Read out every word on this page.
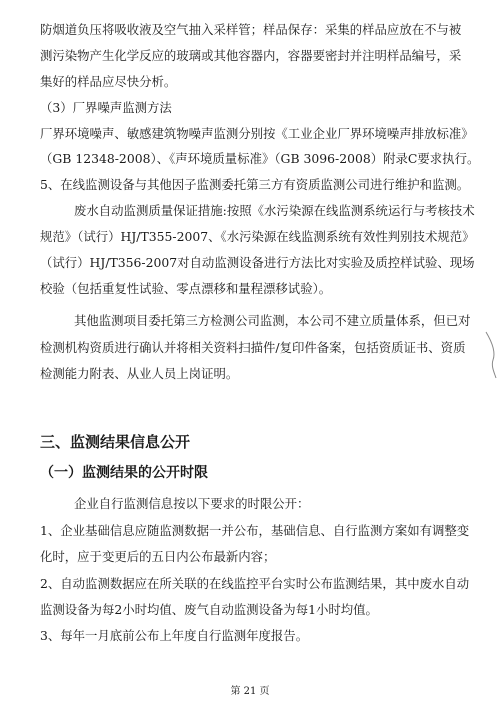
防烟道负压将吸收液及空气抽入采样管；样品保存：采集的样品应放在不与被
测污染物产生化学反应的玻璃或其他容器内，容器要密封并注明样品编号，采
集好的样品应尽快分析。
（3）厂界噪声监测方法
厂界环境噪声、敏感建筑物噪声监测分别按《工业企业厂界环境噪声排放标准》
（GB 12348-2008）、《声环境质量标准》（GB 3096-2008）附录C要求执行。
5、在线监测设备与其他因子监测委托第三方有资质监测公司进行维护和监测。
废水自动监测质量保证措施:按照《水污染源在线监测系统运行与考核技术
规范》（试行）HJ/T355-2007、《水污染源在线监测系统有效性判别技术规范》
（试行）HJ/T356-2007对自动监测设备进行方法比对实验及质控样试验、现场
校验（包括重复性试验、零点漂移和量程漂移试验）。
其他监测项目委托第三方检测公司监测，本公司不建立质量体系，但已对
检测机构资质进行确认并将相关资料扫描件/复印件备案，包括资质证书、资质
检测能力附表、从业人员上岗证明。
三、监测结果信息公开
（一）监测结果的公开时限
企业自行监测信息按以下要求的时限公开：
1、企业基础信息应随监测数据一并公布，基础信息、自行监测方案如有调整变
化时，应于变更后的五日内公布最新内容；
2、自动监测数据应在所关联的在线监控平台实时公布监测结果，其中废水自动
监测设备为每2小时均值、废气自动监测设备为每1小时均值。
3、每年一月底前公布上年度自行监测年度报告。
第 21 页
